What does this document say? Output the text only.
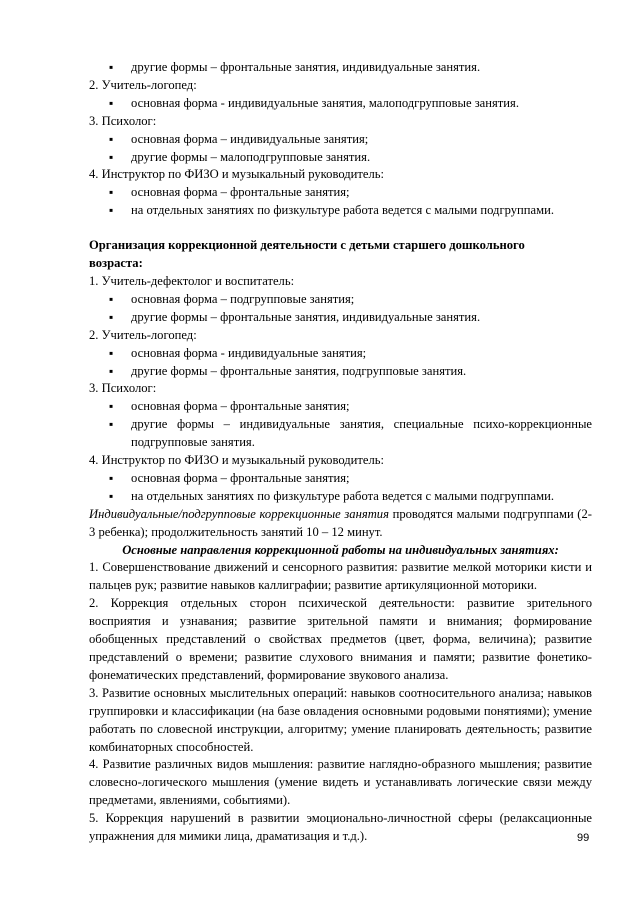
▪ другие формы – фронтальные занятия, индивидуальные занятия.
2. Учитель-логопед:
▪ основная форма - индивидуальные занятия, малоподгрупповые занятия.
3. Психолог:
▪ основная форма – индивидуальные занятия;
▪ другие формы – малоподгрупповые занятия.
4. Инструктор по ФИЗО и музыкальный руководитель:
▪ основная форма – фронтальные занятия;
▪ на отдельных занятиях по физкультуре работа ведется с малыми подгруппами.
Организация коррекционной деятельности с детьми старшего дошкольного возраста:
1. Учитель-дефектолог и воспитатель:
▪ основная форма – подгрупповые занятия;
▪ другие формы – фронтальные занятия, индивидуальные занятия.
2. Учитель-логопед:
▪ основная форма - индивидуальные занятия;
▪ другие формы – фронтальные занятия, подгрупповые занятия.
3. Психолог:
▪ основная форма – фронтальные занятия;
▪ другие формы – индивидуальные занятия, специальные психо-коррекционные подгрупповые занятия.
4. Инструктор по ФИЗО и музыкальный руководитель:
▪ основная форма – фронтальные занятия;
▪ на отдельных занятиях по физкультуре работа ведется с малыми подгруппами.
Индивидуальные/подгрупповые коррекционные занятия проводятся малыми подгруппами (2-3 ребенка); продолжительность занятий 10 – 12 минут.
Основные направления коррекционной работы на индивидуальных занятиях:
1. Совершенствование движений и сенсорного развития: развитие мелкой моторики кисти и пальцев рук; развитие навыков каллиграфии; развитие артикуляционной моторики.
2. Коррекция отдельных сторон психической деятельности: развитие зрительного восприятия и узнавания; развитие зрительной памяти и внимания; формирование обобщенных представлений о свойствах предметов (цвет, форма, величина); развитие представлений о времени; развитие слухового внимания и памяти; развитие фонетико-фонематических представлений, формирование звукового анализа.
3. Развитие основных мыслительных операций: навыков соотносительного анализа; навыков группировки и классификации (на базе овладения основными родовыми понятиями); умение работать по словесной инструкции, алгоритму; умение планировать деятельность; развитие комбинаторных способностей.
4. Развитие различных видов мышления: развитие наглядно-образного мышления; развитие словесно-логического мышления (умение видеть и устанавливать логические связи между предметами, явлениями, событиями).
5. Коррекция нарушений в развитии эмоционально-личностной сферы (релаксационные упражнения для мимики лица, драматизация и т.д.).	99
